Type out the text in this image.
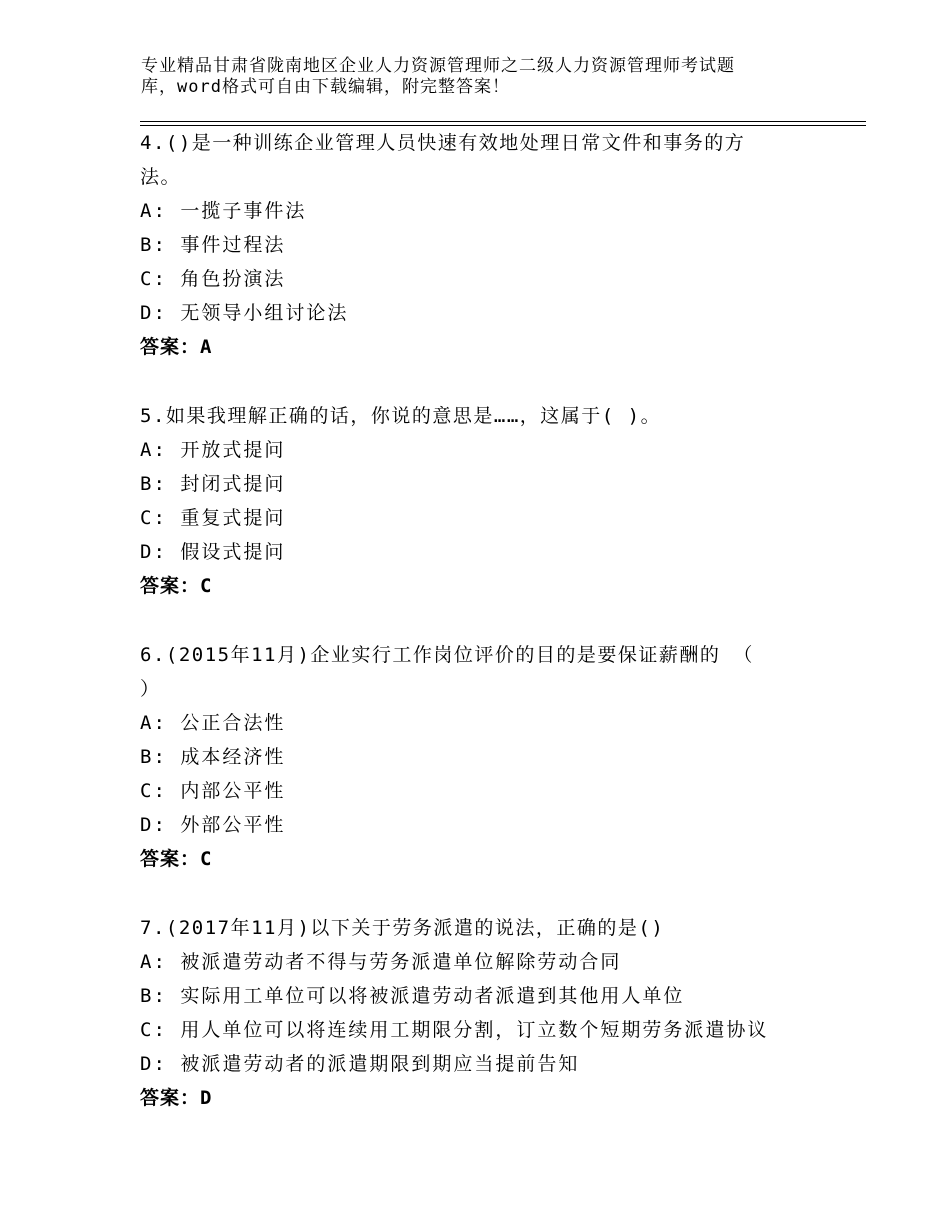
专业精品甘肃省陇南地区企业人力资源管理师之二级人力资源管理师考试题
库，word格式可自由下载编辑，附完整答案！
4.()是一种训练企业管理人员快速有效地处理日常文件和事务的方
法。
A: 一揽子事件法
B: 事件过程法
C: 角色扮演法
D: 无领导小组讨论法
答案：A
5.如果我理解正确的话，你说的意思是……，这属于( )。
A: 开放式提问
B: 封闭式提问
C: 重复式提问
D: 假设式提问
答案：C
6.(2015年11月)企业实行工作岗位评价的目的是要保证薪酬的 （
）
A: 公正合法性
B: 成本经济性
C: 内部公平性
D: 外部公平性
答案：C
7.(2017年11月)以下关于劳务派遣的说法，正确的是()
A: 被派遣劳动者不得与劳务派遣单位解除劳动合同
B: 实际用工单位可以将被派遣劳动者派遣到其他用人单位
C: 用人单位可以将连续用工期限分割，订立数个短期劳务派遣协议
D: 被派遣劳动者的派遣期限到期应当提前告知
答案：D
